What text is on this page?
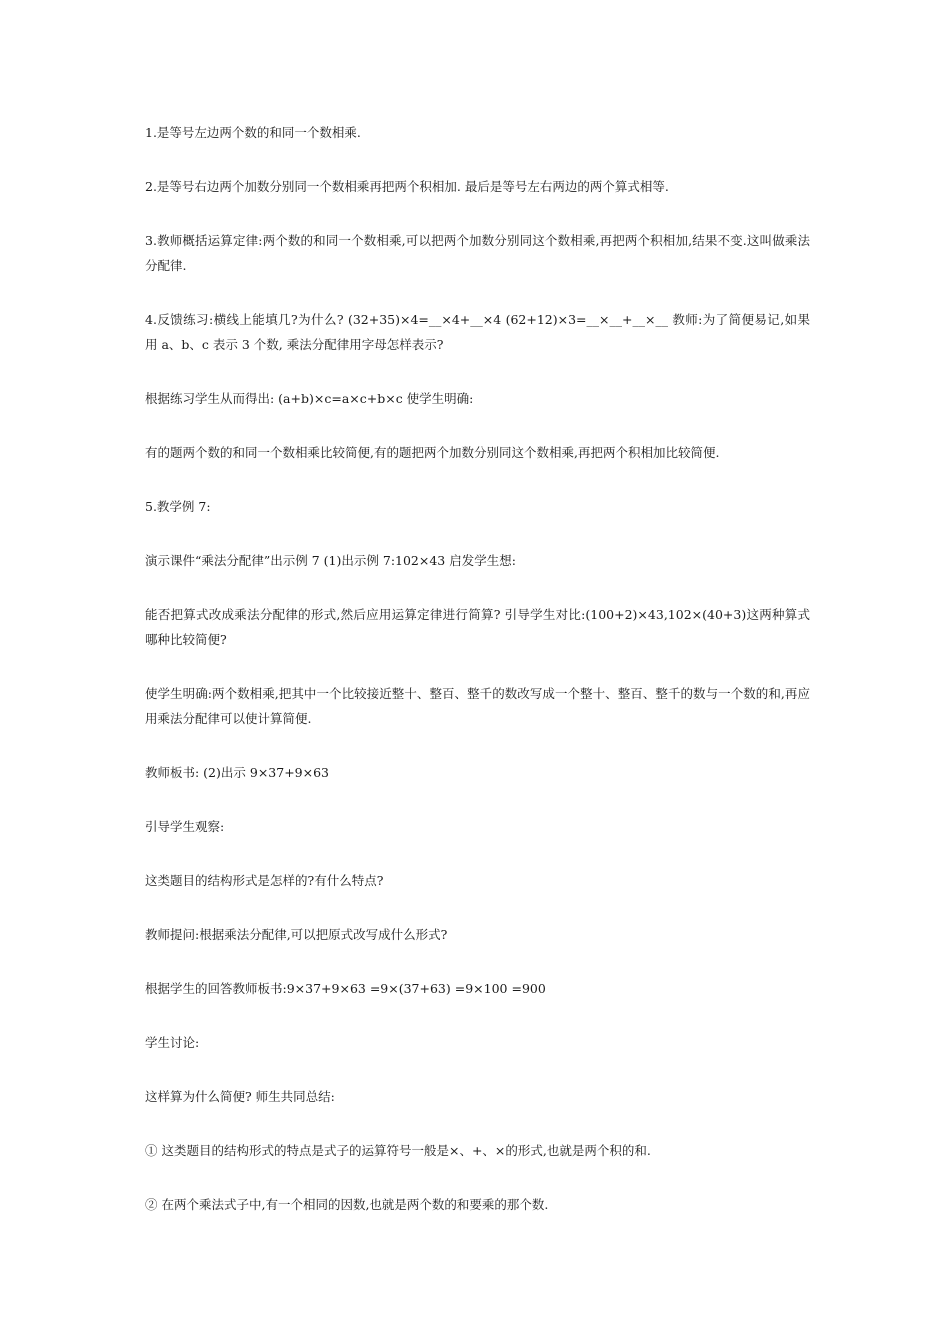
1.是等号左边两个数的和同一个数相乘.

2.是等号右边两个加数分别同一个数相乘再把两个积相加. 最后是等号左右两边的两个算式相等.

3.教师概括运算定律:两个数的和同一个数相乘,可以把两个加数分别同这个数相乘,再把两个积相加,结果不变.这叫做乘法分配律.

4.反馈练习:横线上能填几?为什么? (32+35)×4=__×4+__×4 (62+12)×3=__×__+__×__ 教师:为了简便易记,如果用 a、b、c 表示 3 个数, 乘法分配律用字母怎样表示?

根据练习学生从而得出: (a+b)×c=a×c+b×c 使学生明确:

有的题两个数的和同一个数相乘比较简便,有的题把两个加数分别同这个数相乘,再把两个积相加比较简便.

5.教学例 7:

演示课件“乘法分配律”出示例 7 (1)出示例 7:102×43 启发学生想:

能否把算式改成乘法分配律的形式,然后应用运算定律进行简算? 引导学生对比:(100+2)×43,102×(40+3)这两种算式哪种比较简便?

使学生明确:两个数相乘,把其中一个比较接近整十、整百、整千的数改写成一个整十、整百、整千的数与一个数的和,再应用乘法分配律可以使计算简便.

教师板书: (2)出示 9×37+9×63

引导学生观察:

这类题目的结构形式是怎样的?有什么特点?

教师提问:根据乘法分配律,可以把原式改写成什么形式?

根据学生的回答教师板书:9×37+9×63 =9×(37+63) =9×100 =900

学生讨论:

这样算为什么简便? 师生共同总结:

① 这类题目的结构形式的特点是式子的运算符号一般是×、+、×的形式,也就是两个积的和.

② 在两个乘法式子中,有一个相同的因数,也就是两个数的和要乘的那个数.
